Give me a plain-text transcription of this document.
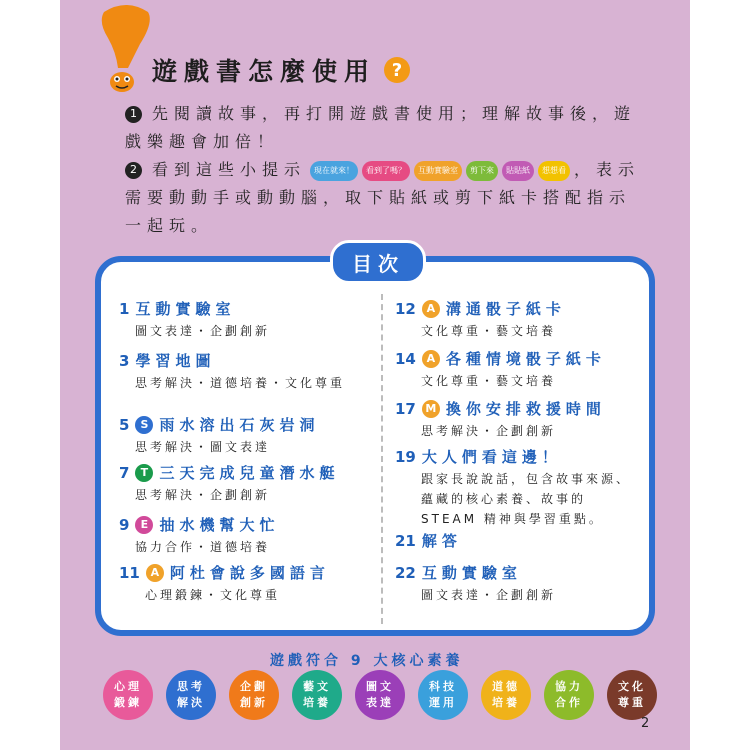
遊戲書怎麼使用 ?
1 先閱讀故事，再打開遊戲書使用；理解故事後，遊戲樂趣會加倍！
2 看到這些小提示	現在就來！	看到了嗎？	互動實驗室	剪下來	貼貼紙	想想看 ，表示需要動動手或動動腦，取下貼紙或剪下紙卡搭配指示一起玩。
目次
1 互動實驗室
圖文表達・企劃創新
3 學習地圖
思考解決・道德培養・文化尊重
5	S 雨水溶出石灰岩洞
思考解決・圖文表達
7	T 三天完成兒童潛水艇
思考解決・企劃創新
9	E 抽水機幫大忙
協力合作・道德培養
11 A 阿杜會說多國語言
心理鍛鍊・文化尊重
12 A 溝通骰子紙卡
文化尊重・藝文培養
14 A 各種情境骰子紙卡
文化尊重・藝文培養
17 M 換你安排救援時間
思考解決・企劃創新
19 大人們看這邊！
跟家長說說話，包含故事來源、蘊藏的核心素養、故事的 STEAM 精神與學習重點。
21 解答
22 互動實驗室
圖文表達・企劃創新
遊戲符合 9 大核心素養
心理
鍛鍊
思考
解決
企劃
創新
藝文
培養
圖文
表達
科技
運用
道德
培養
協力
合作
文化
尊重
2
